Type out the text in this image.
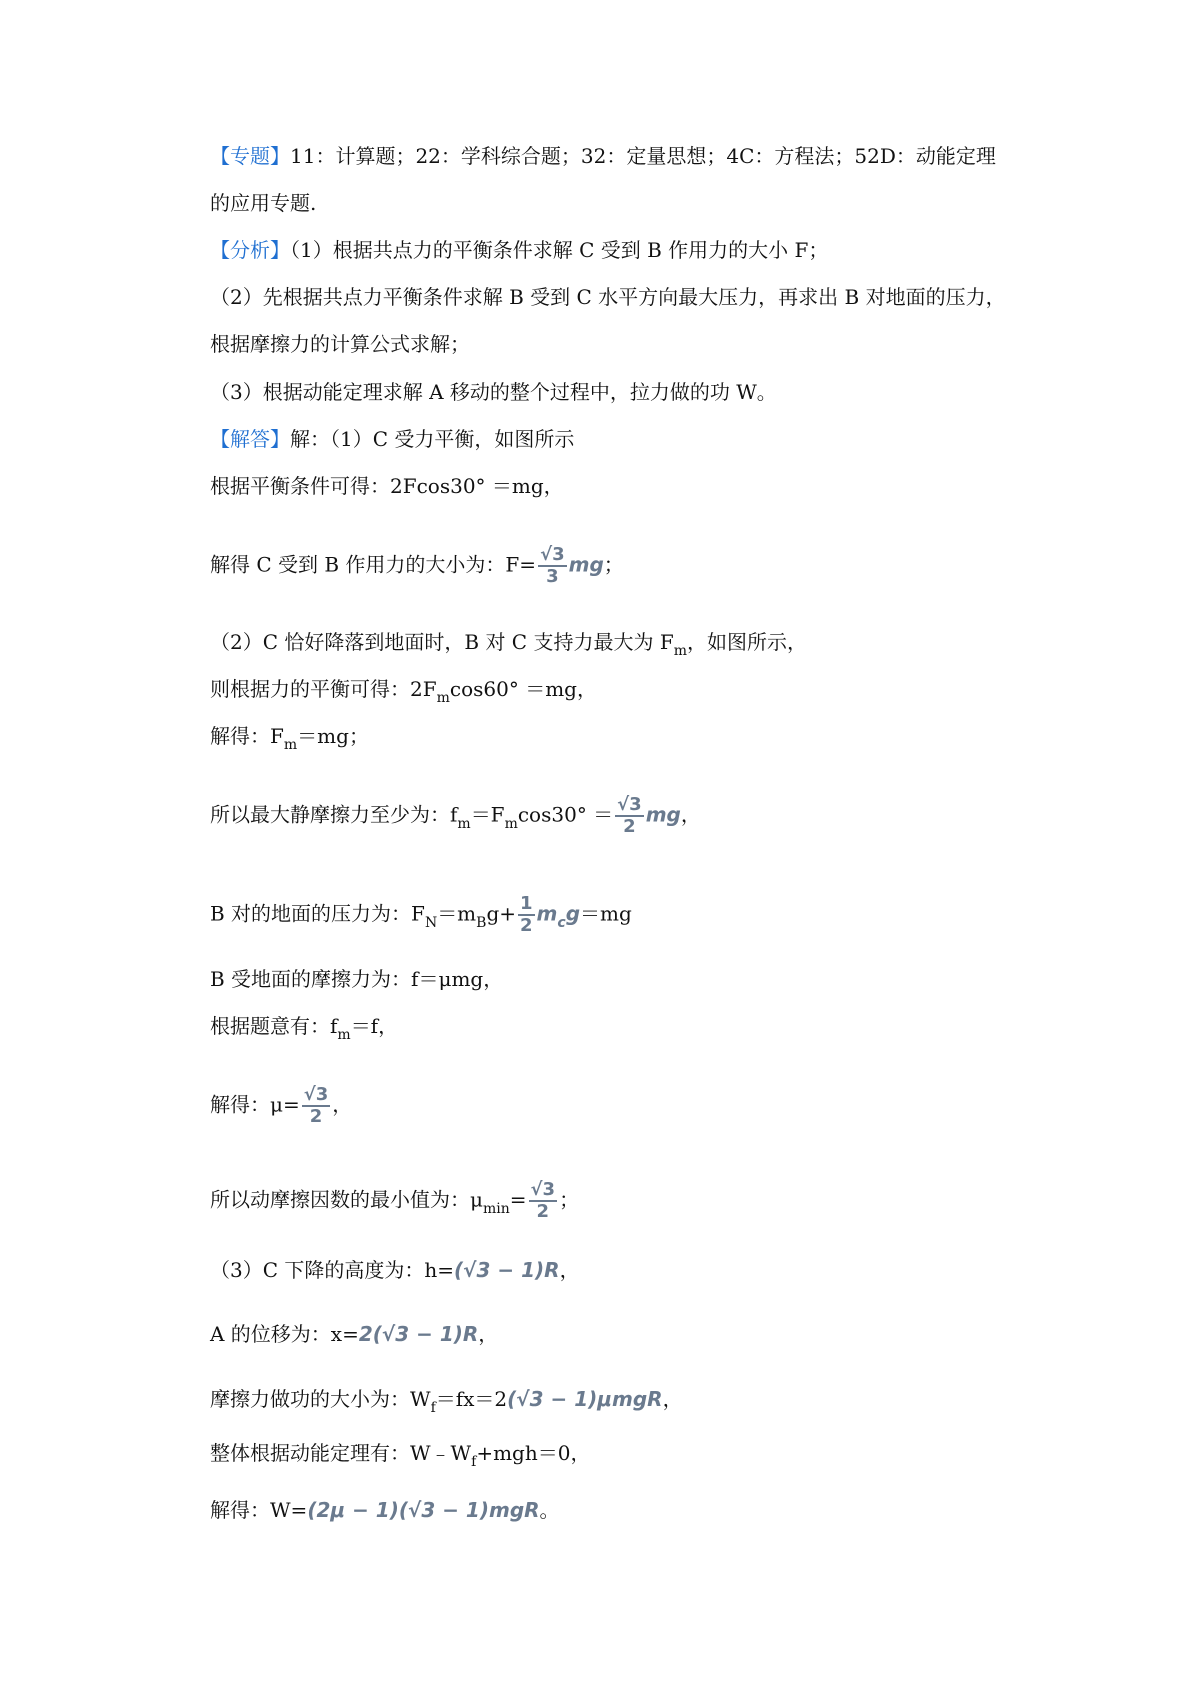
【专题】11：计算题；22：学科综合题；32：定量思想；4C：方程法；52D：动能定理
的应用专题.
【分析】（1）根据共点力的平衡条件求解 C 受到 B 作用力的大小 F；
（2）先根据共点力平衡条件求解 B 受到 C 水平方向最大压力，再求出 B 对地面的压力，
根据摩擦力的计算公式求解；
（3）根据动能定理求解 A 移动的整个过程中，拉力做的功 W。
【解答】解：（1）C 受力平衡，如图所示
根据平衡条件可得：2Fcos30° ＝mg，
解得 C 受到 B 作用力的大小为：$F= \frac{√3}{3}$ mg；
（2）C 恰好降落到地面时，B 对 C 支持力最大为 $F_m$，如图所示，
则根据力的平衡可得：$2F_m\cos 60^\circ =mg$，
解得：$F_m=mg$；
所以最大静摩擦力至少为：$f_m=F_m\cos 30^\circ = \frac{√3}{2}$ mg，
B 对的地面的压力为：$F_N=m_Bg+ \frac{1}{2} m_cg=mg$
B 受地面的摩擦力为：f＝μmg，
根据题意有：$f_m=f$，
解得：$\mu= \frac{√3}{2}$ ，
所以动摩擦因数的最小值为：$\mu_{min}= \frac{√3}{2}$ ；
（3）C 下降的高度为：h=(√3 − 1)R，
A 的位移为：x=2(√3 − 1)R，
摩擦力做功的大小为：$W_f=fx=2(√3 - 1)\mu mgR$，
整体根据动能定理有：$W﹣W_f+mgh=0$，
解得：W=(2μ − 1)(√3 − 1)mgR。
